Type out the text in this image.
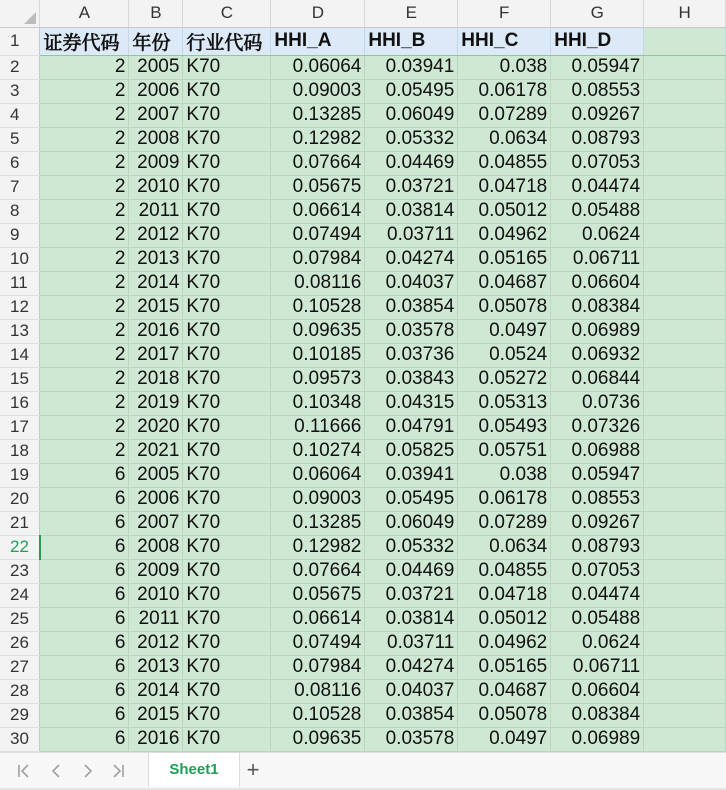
	A	B	C	D	E	F	G	H
1	证券代码	年份	行业代码	HHI_A	HHI_B	HHI_C	HHI_D	
2	2	2005	K70	0.06064	0.03941	0.038	0.05947	
3	2	2006	K70	0.09003	0.05495	0.06178	0.08553	
4	2	2007	K70	0.13285	0.06049	0.07289	0.09267	
5	2	2008	K70	0.12982	0.05332	0.0634	0.08793	
6	2	2009	K70	0.07664	0.04469	0.04855	0.07053	
7	2	2010	K70	0.05675	0.03721	0.04718	0.04474	
8	2	2011	K70	0.06614	0.03814	0.05012	0.05488	
9	2	2012	K70	0.07494	0.03711	0.04962	0.0624	
10	2	2013	K70	0.07984	0.04274	0.05165	0.06711	
11	2	2014	K70	0.08116	0.04037	0.04687	0.06604	
12	2	2015	K70	0.10528	0.03854	0.05078	0.08384	
13	2	2016	K70	0.09635	0.03578	0.0497	0.06989	
14	2	2017	K70	0.10185	0.03736	0.0524	0.06932	
15	2	2018	K70	0.09573	0.03843	0.05272	0.06844	
16	2	2019	K70	0.10348	0.04315	0.05313	0.0736	
17	2	2020	K70	0.11666	0.04791	0.05493	0.07326	
18	2	2021	K70	0.10274	0.05825	0.05751	0.06988	
19	6	2005	K70	0.06064	0.03941	0.038	0.05947	
20	6	2006	K70	0.09003	0.05495	0.06178	0.08553	
21	6	2007	K70	0.13285	0.06049	0.07289	0.09267	
22	6	2008	K70	0.12982	0.05332	0.0634	0.08793	
23	6	2009	K70	0.07664	0.04469	0.04855	0.07053	
24	6	2010	K70	0.05675	0.03721	0.04718	0.04474	
25	6	2011	K70	0.06614	0.03814	0.05012	0.05488	
26	6	2012	K70	0.07494	0.03711	0.04962	0.0624	
27	6	2013	K70	0.07984	0.04274	0.05165	0.06711	
28	6	2014	K70	0.08116	0.04037	0.04687	0.06604	
29	6	2015	K70	0.10528	0.03854	0.05078	0.08384	
30	6	2016	K70	0.09635	0.03578	0.0497	0.06989	
Sheet1	+
